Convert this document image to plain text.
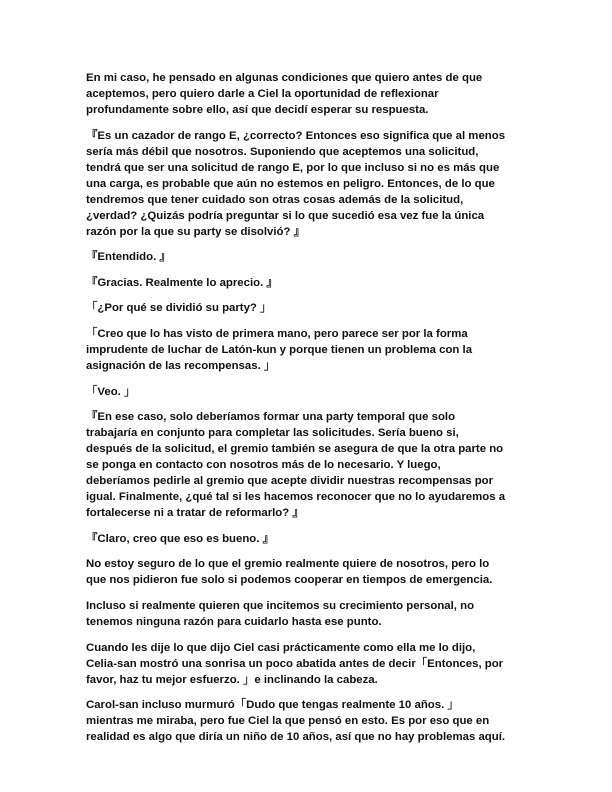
En mi caso, he pensado en algunas condiciones que quiero antes de que
aceptemos, pero quiero darle a Ciel la oportunidad de reflexionar
profundamente sobre ello, así que decidí esperar su respuesta.

『Es un cazador de rango E, ¿correcto? Entonces eso significa que al menos
sería más débil que nosotros. Suponiendo que aceptemos una solicitud,
tendrá que ser una solicitud de rango E, por lo que incluso si no es más que
una carga, es probable que aún no estemos en peligro. Entonces, de lo que
tendremos que tener cuidado son otras cosas además de la solicitud,
¿verdad? ¿Quizás podría preguntar si lo que sucedió esa vez fue la única
razón por la que su party se disolvió? 』

『Entendido. 』

『Gracias. Realmente lo aprecio. 』

「¿Por qué se dividió su party? 」

「Creo que lo has visto de primera mano, pero parece ser por la forma
imprudente de luchar de Latón-kun y porque tienen un problema con la
asignación de las recompensas. 」

「Veo. 」

『En ese caso, solo deberíamos formar una party temporal que solo
trabajaría en conjunto para completar las solicitudes. Sería bueno si,
después de la solicitud, el gremio también se asegura de que la otra parte no
se ponga en contacto con nosotros más de lo necesario. Y luego,
deberíamos pedirle al gremio que acepte dividir nuestras recompensas por
igual. Finalmente, ¿qué tal si les hacemos reconocer que no lo ayudaremos a
fortalecerse ni a tratar de reformarlo? 』

『Claro, creo que eso es bueno. 』

No estoy seguro de lo que el gremio realmente quiere de nosotros, pero lo
que nos pidieron fue solo si podemos cooperar en tiempos de emergencia.

Incluso si realmente quieren que incitemos su crecimiento personal, no
tenemos ninguna razón para cuidarlo hasta ese punto.

Cuando les dije lo que dijo Ciel casi prácticamente como ella me lo dijo,
Celia-san mostró una sonrisa un poco abatida antes de decir「Entonces, por
favor, haz tu mejor esfuerzo. 」e inclinando la cabeza.

Carol-san incluso murmuró「Dudo que tengas realmente 10 años. 」
mientras me miraba, pero fue Ciel la que pensó en esto. Es por eso que en
realidad es algo que diría un niño de 10 años, así que no hay problemas aquí.
